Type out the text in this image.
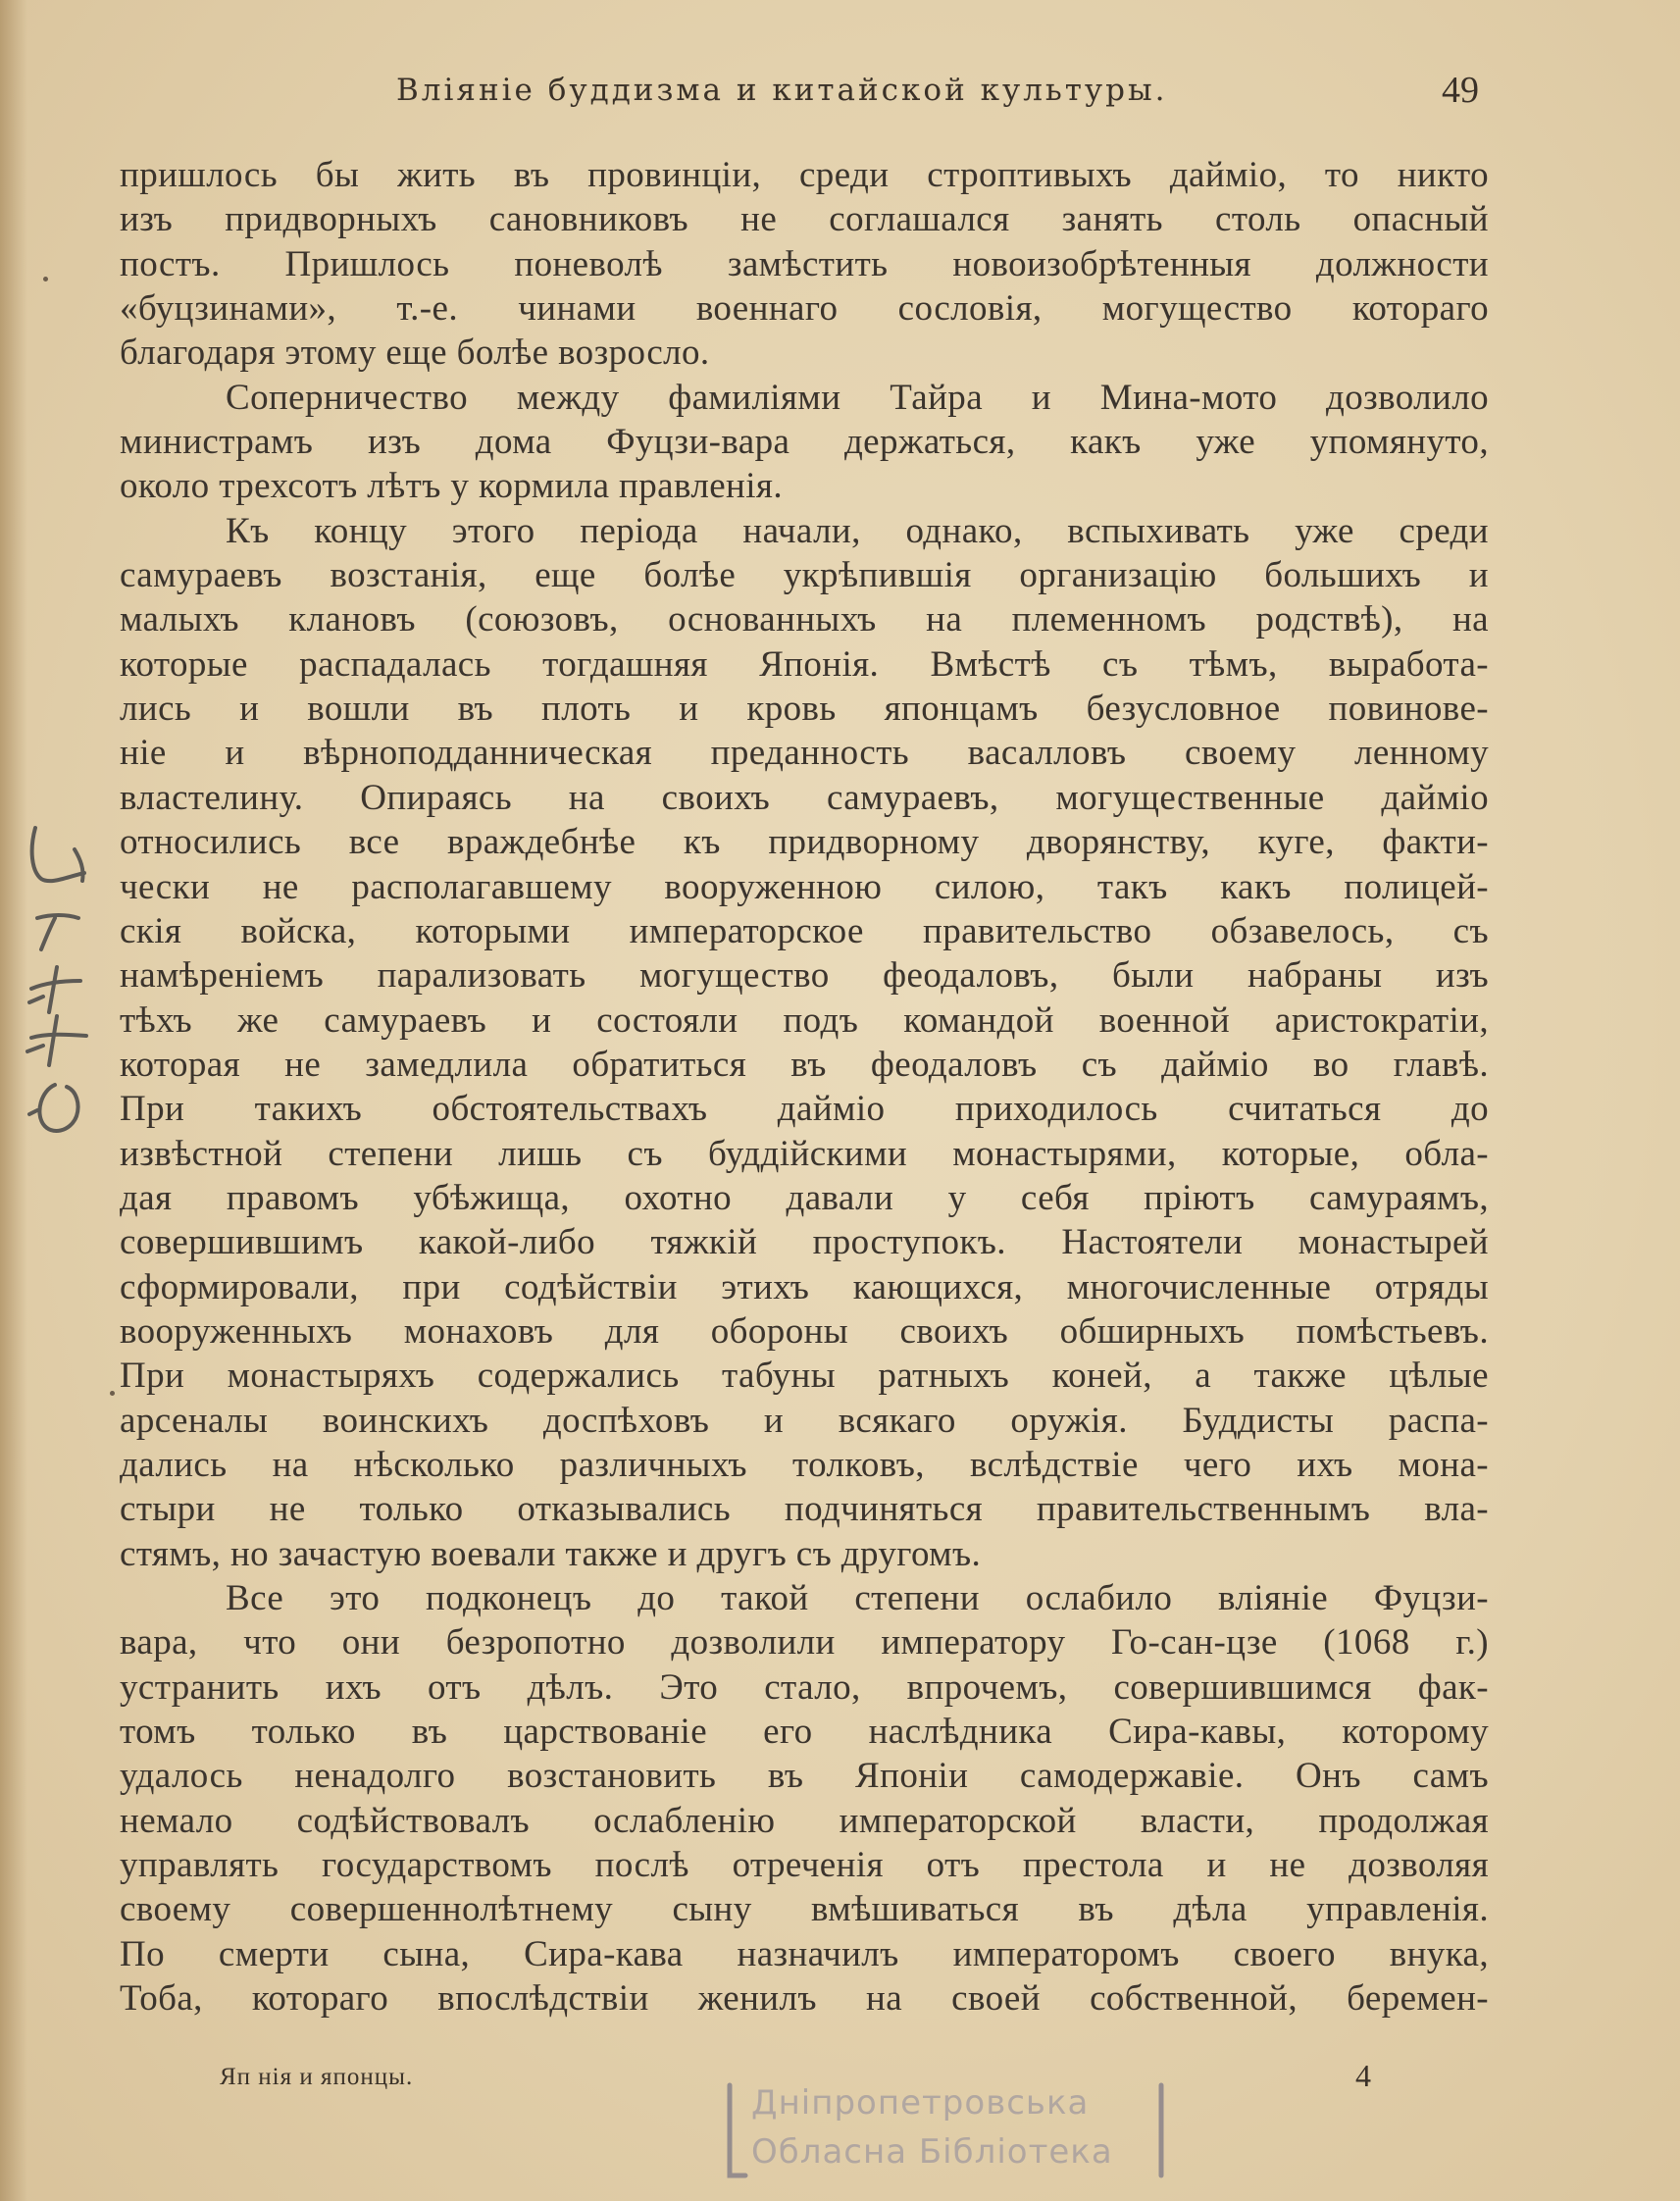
Вліяніе буддизма и китайской культуры.	49
пришлось бы жить въ провинціи, среди строптивыхъ дайміо, то никто
изъ придворныхъ сановниковъ не соглашался занять столь опасный
постъ. Пришлось поневолѣ замѣстить новоизобрѣтенныя должности
«буцзинами», т.-е. чинами военнаго сословія, могущество котораго
благодаря этому еще болѣе возросло.
Соперничество между фамиліями Тайра и Мина-мото дозволило
министрамъ изъ дома Фуцзи-вара держаться, какъ уже упомянуто,
около трехсотъ лѣтъ у кормила правленія.
Къ концу этого періода начали, однако, вспыхивать уже среди
самураевъ возстанія, еще болѣе укрѣпившія организацію большихъ и
малыхъ клановъ (союзовъ, основанныхъ на племенномъ родствѣ), на
которые распадалась тогдашняя Японія. Вмѣстѣ съ тѣмъ, выработа-
лись и вошли въ плоть и кровь японцамъ безусловное повинове-
ніе и вѣрноподданническая преданность васалловъ своему ленному
властелину. Опираясь на своихъ самураевъ, могущественные дайміо
относились все враждебнѣе къ придворному дворянству, куге, факти-
чески не располагавшему вооруженною силою, такъ какъ полицей-
скія войска, которыми императорское правительство обзавелось, съ
намѣреніемъ парализовать могущество феодаловъ, были набраны изъ
тѣхъ же самураевъ и состояли подъ командой военной аристократіи,
которая не замедлила обратиться въ феодаловъ съ дайміо во главѣ.
При такихъ обстоятельствахъ дайміо приходилось считаться до
извѣстной степени лишь съ буддійскими монастырями, которые, обла-
дая правомъ убѣжища, охотно давали у себя пріютъ самураямъ,
совершившимъ какой-либо тяжкій проступокъ. Настоятели монастырей
сформировали, при содѣйствіи этихъ кающихся, многочисленные отряды
вооруженныхъ монаховъ для обороны своихъ обширныхъ помѣстьевъ.
При монастыряхъ содержались табуны ратныхъ коней, а также цѣлые
арсеналы воинскихъ доспѣховъ и всякаго оружія. Буддисты распа-
дались на нѣсколько различныхъ толковъ, вслѣдствіе чего ихъ мона-
стыри не только отказывались подчиняться правительственнымъ вла-
стямъ, но зачастую воевали также и другъ съ другомъ.
Все это подконецъ до такой степени ослабило вліяніе Фуцзи-
вара, что они безропотно дозволили императору Го-сан-цзе (1068 г.)
устранить ихъ отъ дѣлъ. Это стало, впрочемъ, совершившимся фак-
томъ только въ царствованіе его наслѣдника Сира-кавы, которому
удалось ненадолго возстановить въ Японіи самодержавіе. Онъ самъ
немало содѣйствовалъ ослабленію императорской власти, продолжая
управлять государствомъ послѣ отреченія отъ престола и не дозволяя
своему совершеннолѣтнему сыну вмѣшиваться въ дѣла управленія.
По смерти сына, Сира-кава назначилъ императоромъ своего внука,
Тоба, котораго впослѣдствіи женилъ на своей собственной, беремен-
Яп нія и японцы.	4
Дніпропетровська
Обласна Бібліотека
